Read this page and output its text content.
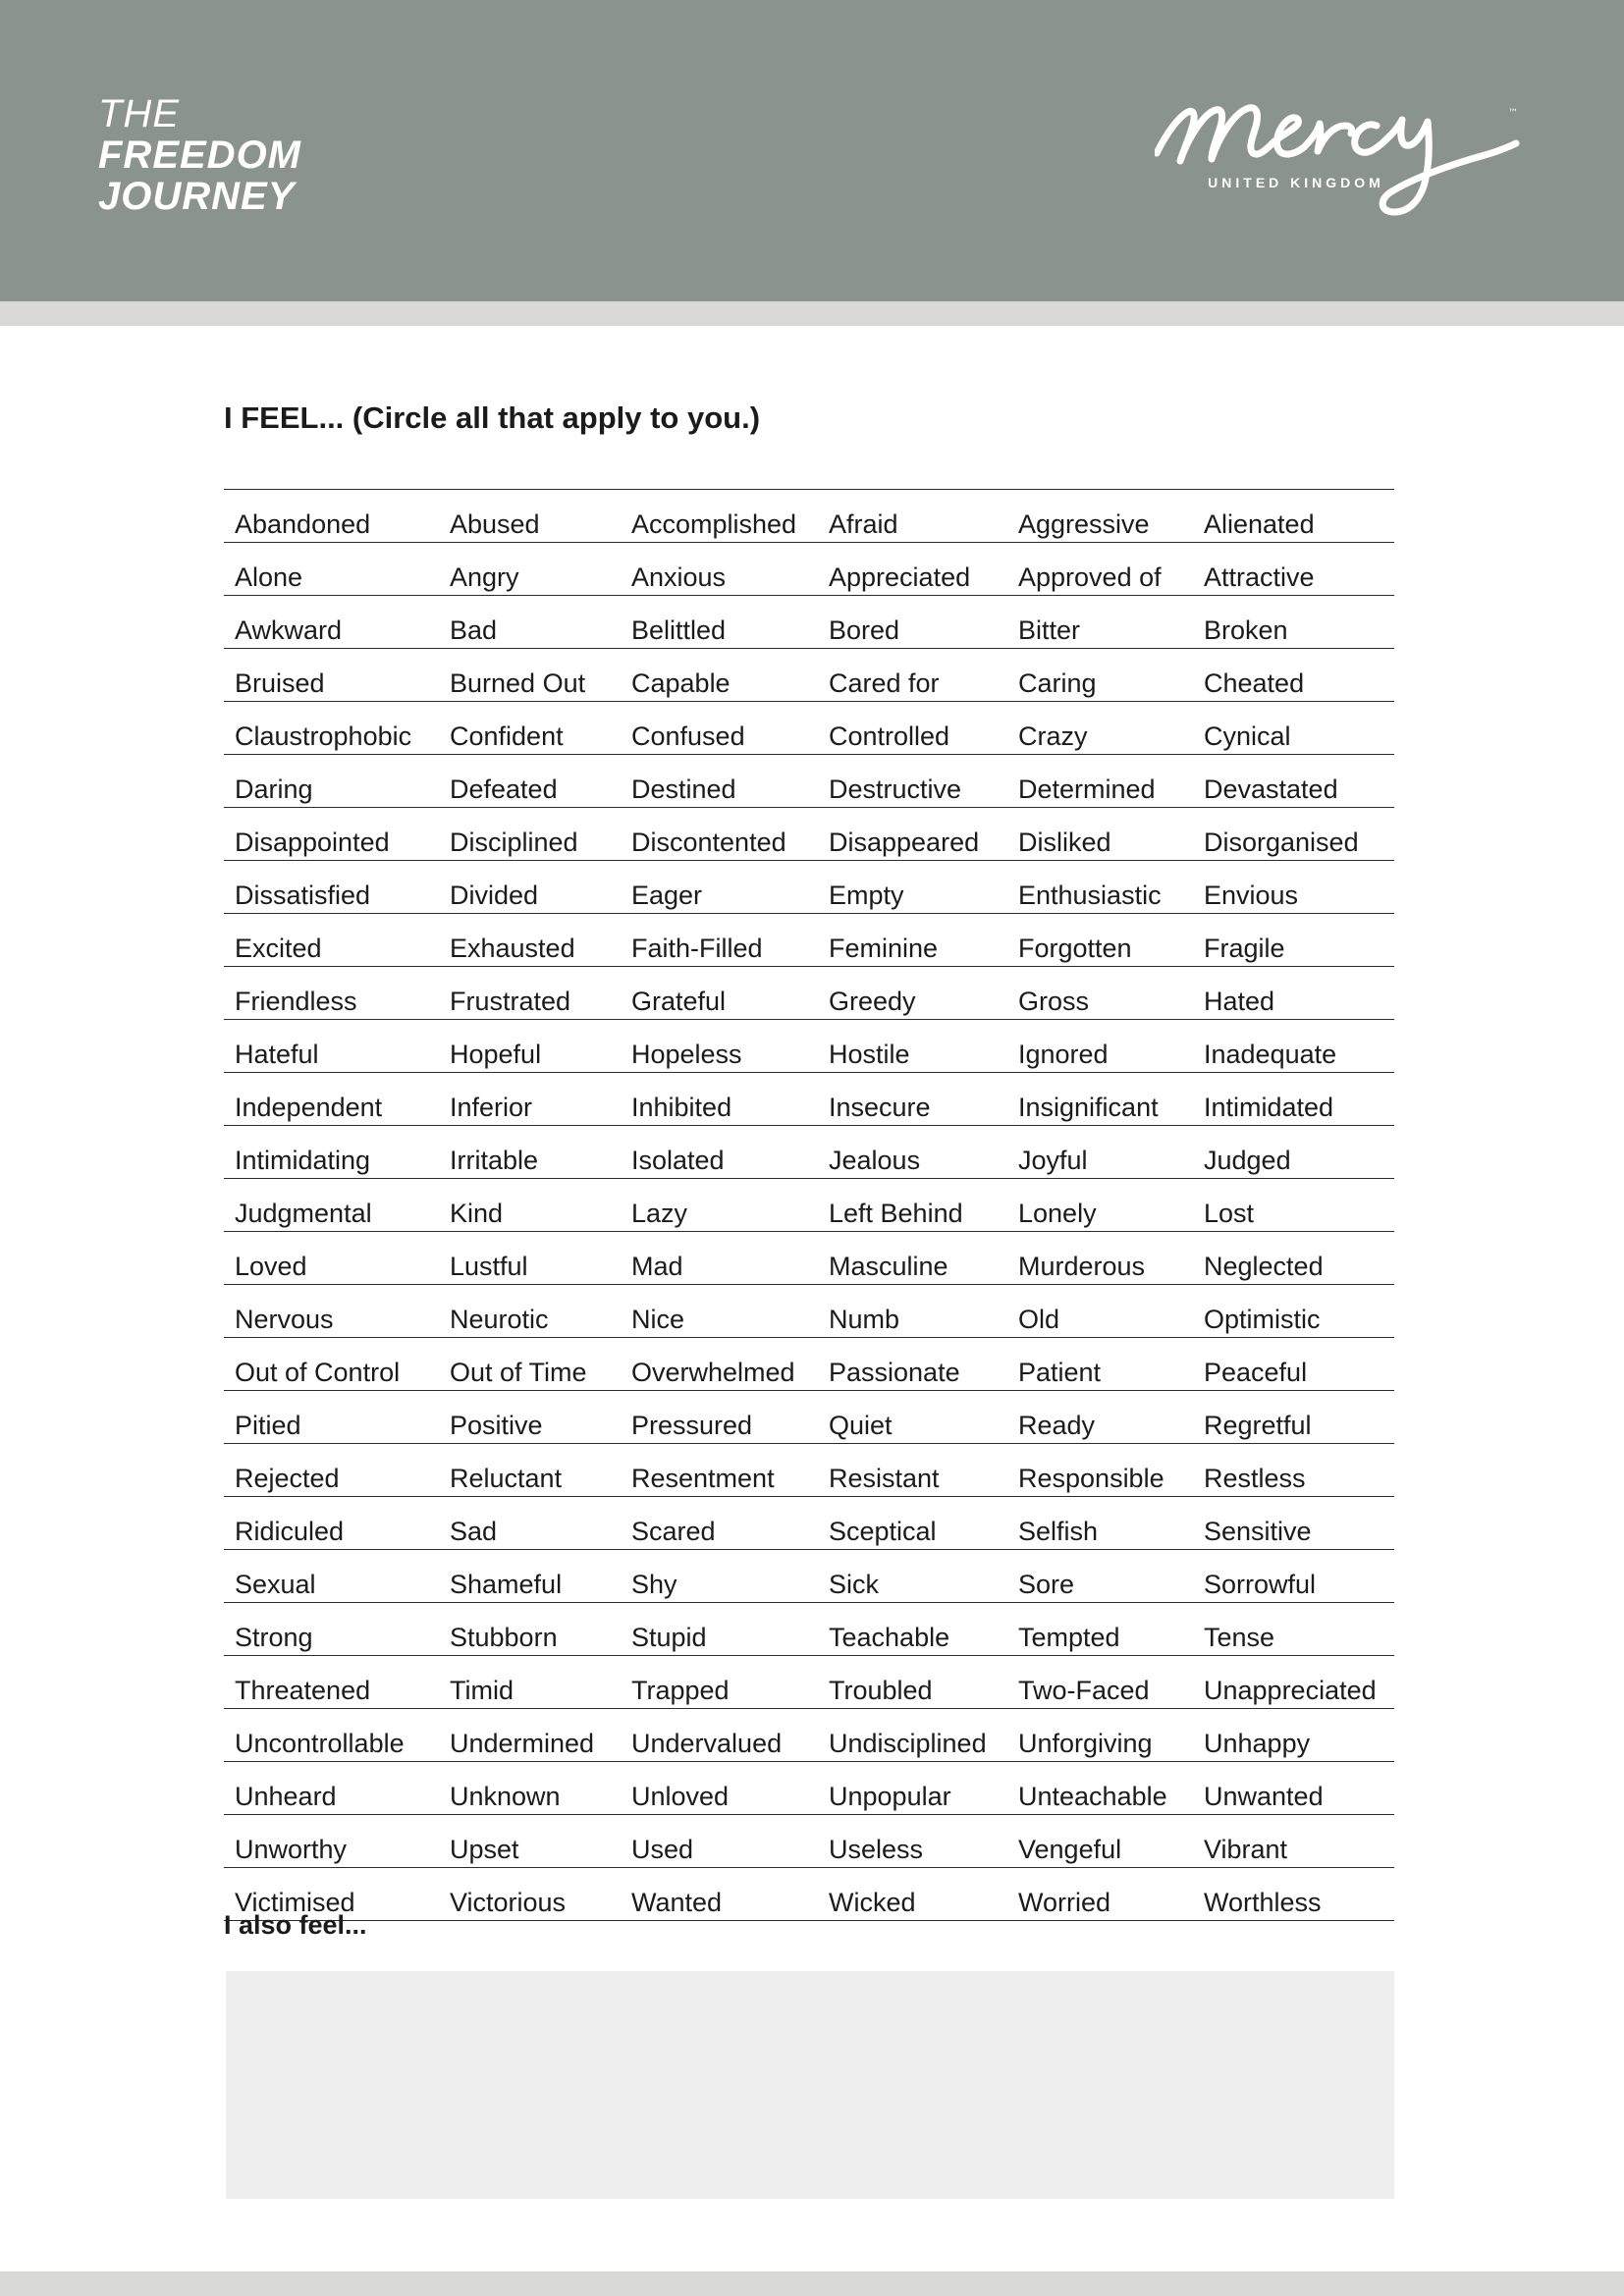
THE
FREEDOM
JOURNEY
™
UNITED KINGDOM
I FEEL... (Circle all that apply to you.)
Abandoned	Abused	Accomplished	Afraid	Aggressive	Alienated
Alone	Angry	Anxious	Appreciated	Approved of	Attractive
Awkward	Bad	Belittled	Bored	Bitter	Broken
Bruised	Burned Out	Capable	Cared for	Caring	Cheated
Claustrophobic	Confident	Confused	Controlled	Crazy	Cynical
Daring	Defeated	Destined	Destructive	Determined	Devastated
Disappointed	Disciplined	Discontented	Disappeared	Disliked	Disorganised
Dissatisfied	Divided	Eager	Empty	Enthusiastic	Envious
Excited	Exhausted	Faith-Filled	Feminine	Forgotten	Fragile
Friendless	Frustrated	Grateful	Greedy	Gross	Hated
Hateful	Hopeful	Hopeless	Hostile	Ignored	Inadequate
Independent	Inferior	Inhibited	Insecure	Insignificant	Intimidated
Intimidating	Irritable	Isolated	Jealous	Joyful	Judged
Judgmental	Kind	Lazy	Left Behind	Lonely	Lost
Loved	Lustful	Mad	Masculine	Murderous	Neglected
Nervous	Neurotic	Nice	Numb	Old	Optimistic
Out of Control	Out of Time	Overwhelmed	Passionate	Patient	Peaceful
Pitied	Positive	Pressured	Quiet	Ready	Regretful
Rejected	Reluctant	Resentment	Resistant	Responsible	Restless
Ridiculed	Sad	Scared	Sceptical	Selfish	Sensitive
Sexual	Shameful	Shy	Sick	Sore	Sorrowful
Strong	Stubborn	Stupid	Teachable	Tempted	Tense
Threatened	Timid	Trapped	Troubled	Two-Faced	Unappreciated
Uncontrollable	Undermined	Undervalued	Undisciplined	Unforgiving	Unhappy
Unheard	Unknown	Unloved	Unpopular	Unteachable	Unwanted
Unworthy	Upset	Used	Useless	Vengeful	Vibrant
Victimised	Victorious	Wanted	Wicked	Worried	Worthless
I also feel...
